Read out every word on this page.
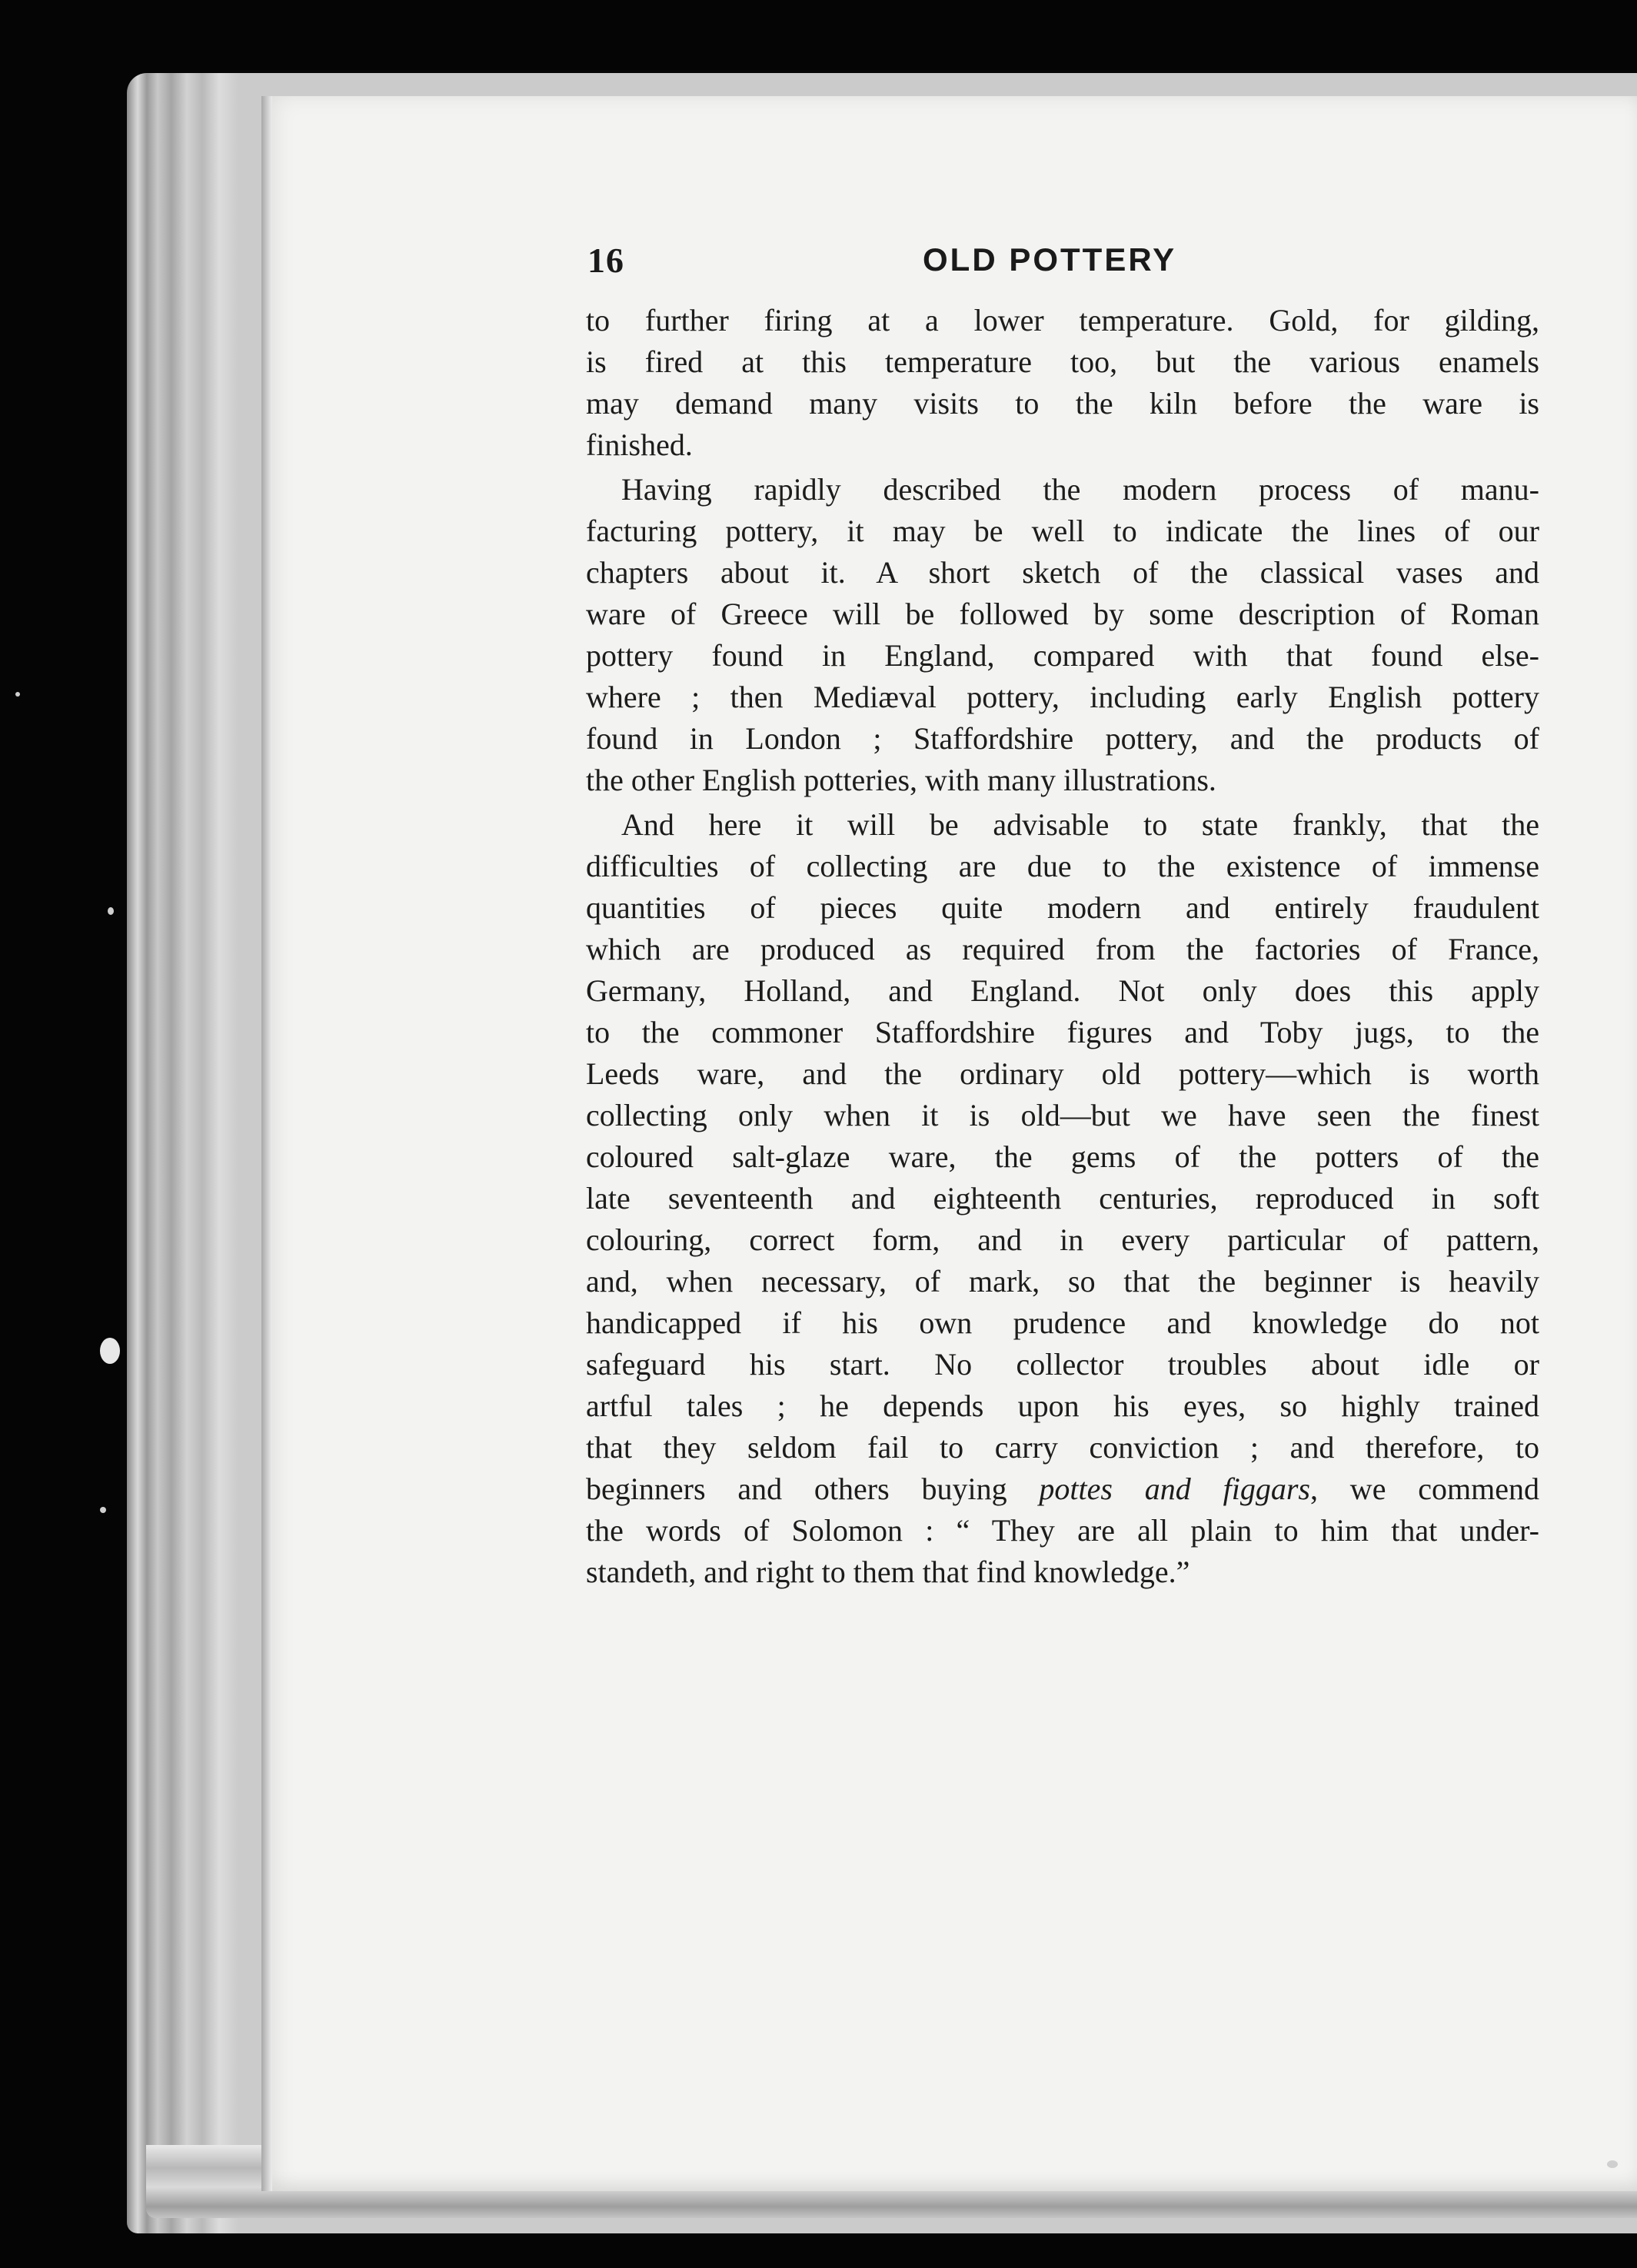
16	OLD POTTERY
to further firing at a lower temperature. Gold, for gilding,
is fired at this temperature too, but the various enamels
may demand many visits to the kiln before the ware is
finished.
Having rapidly described the modern process of manu-
facturing pottery, it may be well to indicate the lines of our
chapters about it. A short sketch of the classical vases and
ware of Greece will be followed by some description of Roman
pottery found in England, compared with that found else-
where ; then Mediæval pottery, including early English pottery
found in London ; Staffordshire pottery, and the products of
the other English potteries, with many illustrations.
And here it will be advisable to state frankly, that the
difficulties of collecting are due to the existence of immense
quantities of pieces quite modern and entirely fraudulent
which are produced as required from the factories of France,
Germany, Holland, and England. Not only does this apply
to the commoner Staffordshire figures and Toby jugs, to the
Leeds ware, and the ordinary old pottery—which is worth
collecting only when it is old—but we have seen the finest
coloured salt-glaze ware, the gems of the potters of the
late seventeenth and eighteenth centuries, reproduced in soft
colouring, correct form, and in every particular of pattern,
and, when necessary, of mark, so that the beginner is heavily
handicapped if his own prudence and knowledge do not
safeguard his start. No collector troubles about idle or
artful tales ; he depends upon his eyes, so highly trained
that they seldom fail to carry conviction ; and therefore, to
beginners and others buying pottes and figgars, we commend
the words of Solomon : “ They are all plain to him that under-
standeth, and right to them that find knowledge.”
